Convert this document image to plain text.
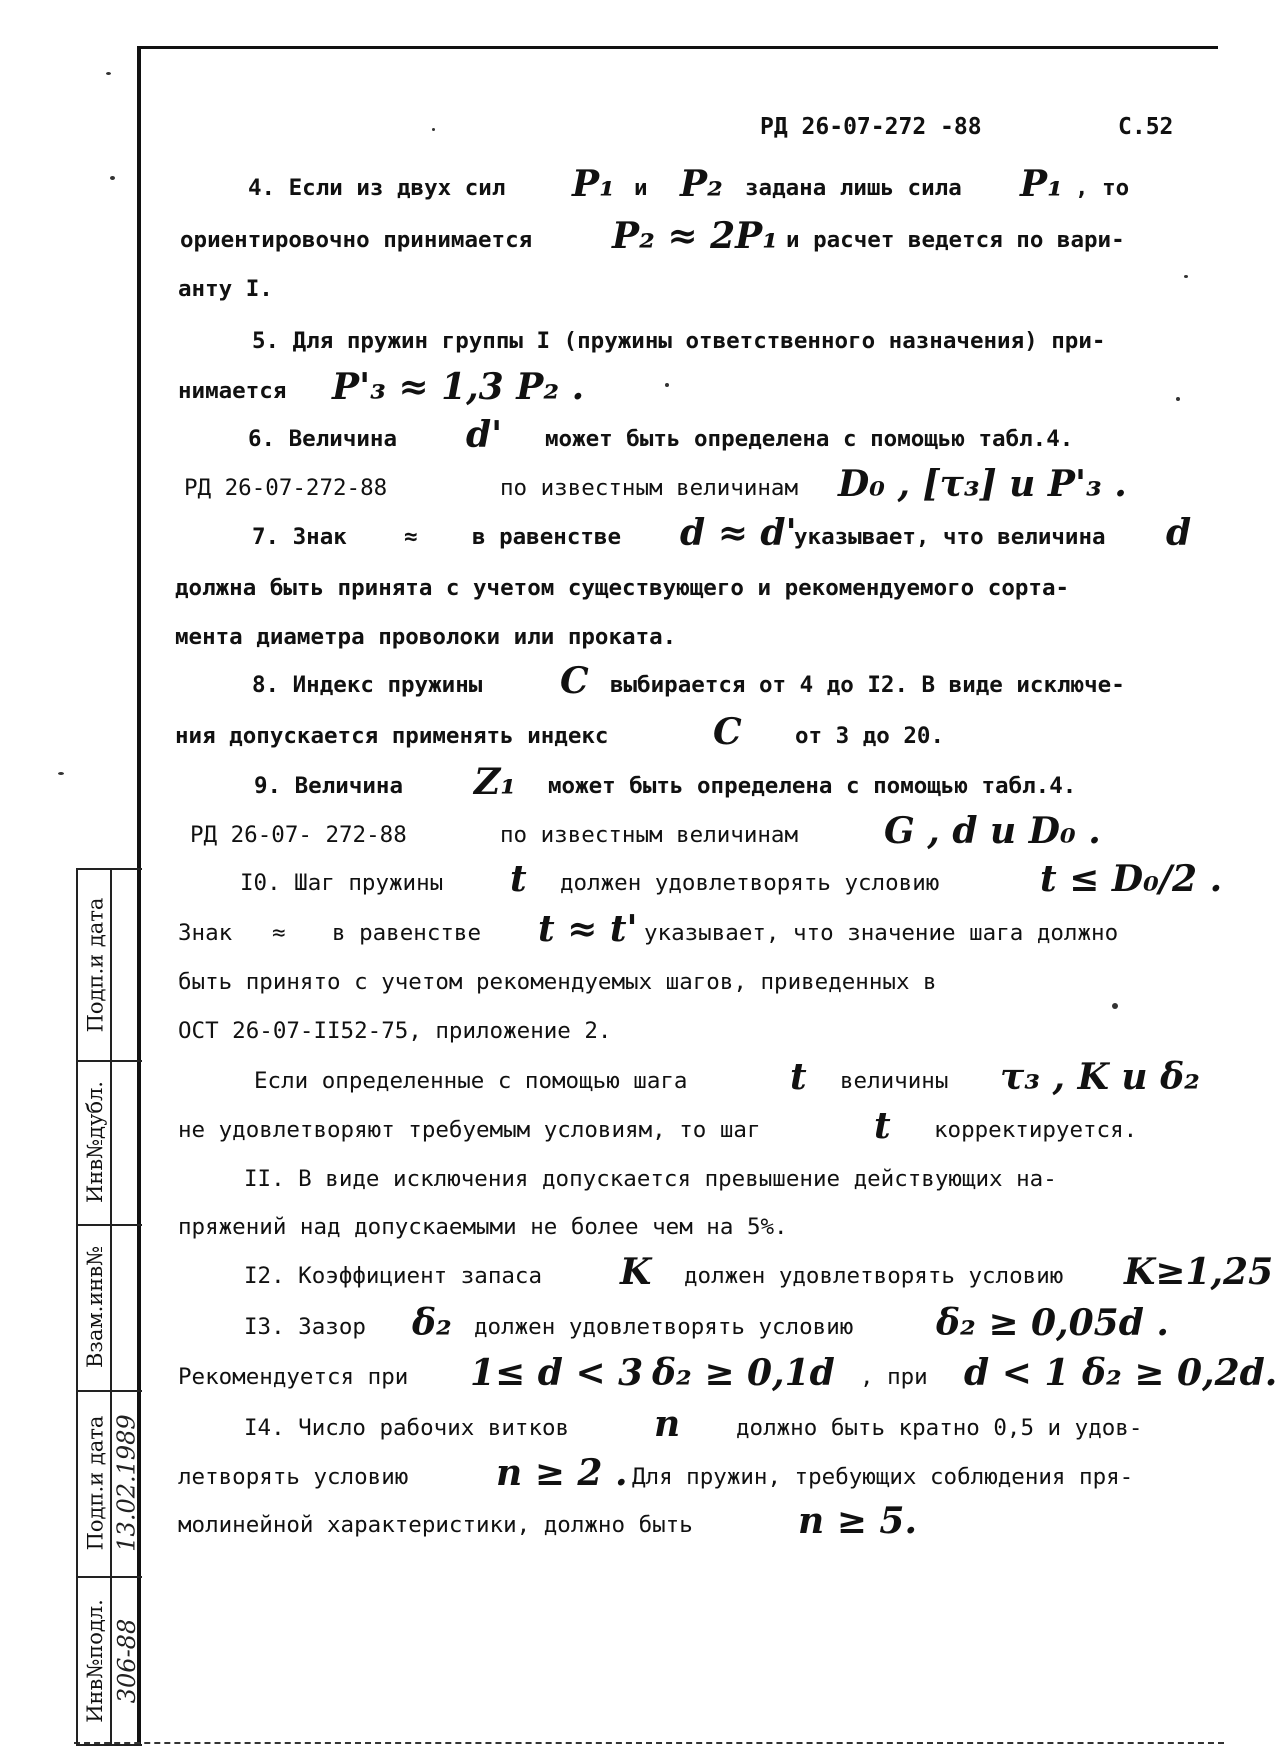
РД 26-07-272 -88	С.52
4. Если из двух сил P₁ и P₂ задана лишь сила P₁ , то
ориентировочно принимается P₂ ≈ 2P₁ и расчет ведется по вари-
анту I.
5. Для пружин группы I (пружины ответственного назначения) при-
нимается P'₃ ≈ 1,3 P₂ .
6. Величина d' может быть определена с помощью табл.4.
РД 26-07-272-88	по известным величинам D₀ , [τ₃] и P'₃ .
7. Знак	≈ в равенстве d ≈ d'
указывает, что величина d
должна быть принята с учетом существующего и рекомендуемого сорта-
мента диаметра проволоки или проката.
8. Индекс пружины C выбирается от 4 до I2. В виде исключе-
ния допускается применять индекс	C от 3 до 20.
9. Величина Z₁ может быть определена с помощью табл.4.
РД 26-07- 272-88	по известным величинам G , d и D₀ .
I0. Шаг пружины t должен удовлетворять условию	t ≤ D₀/2 .
Знак ≈ в равенстве t ≈ t' указывает, что значение шага должно
быть принято с учетом рекомендуемых шагов, приведенных в
ОСТ 26-07-II52-75, приложение 2.
Если определенные с помощью шага	t величины τ₃ , K и δ₂
не удовлетворяют требуемым условиям, то шаг	t корректируется.
II. В виде исключения допускается превышение действующих на-
пряжений над допускаемыми не более чем на 5%.
I2. Коэффициент запаса K должен удовлетворять условию K≥1,25
I3. Зазор δ₂ должен удовлетворять условию δ₂ ≥ 0,05d .
Рекомендуется при 1≤ d < 3 δ₂ ≥ 0,1d , при d < 1 δ₂ ≥ 0,2d.
I4. Число рабочих витков n должно быть кратно 0,5 и удов-
летворять условию n ≥ 2 . Для пружин, требующих соблюдения пря-
молинейной характеристики, должно быть	n ≥ 5.
Подп.и дата
Инв№дубл.
Взам.инв№
Подп.и дата
Инв№подл.
13.02.1989
306-88
